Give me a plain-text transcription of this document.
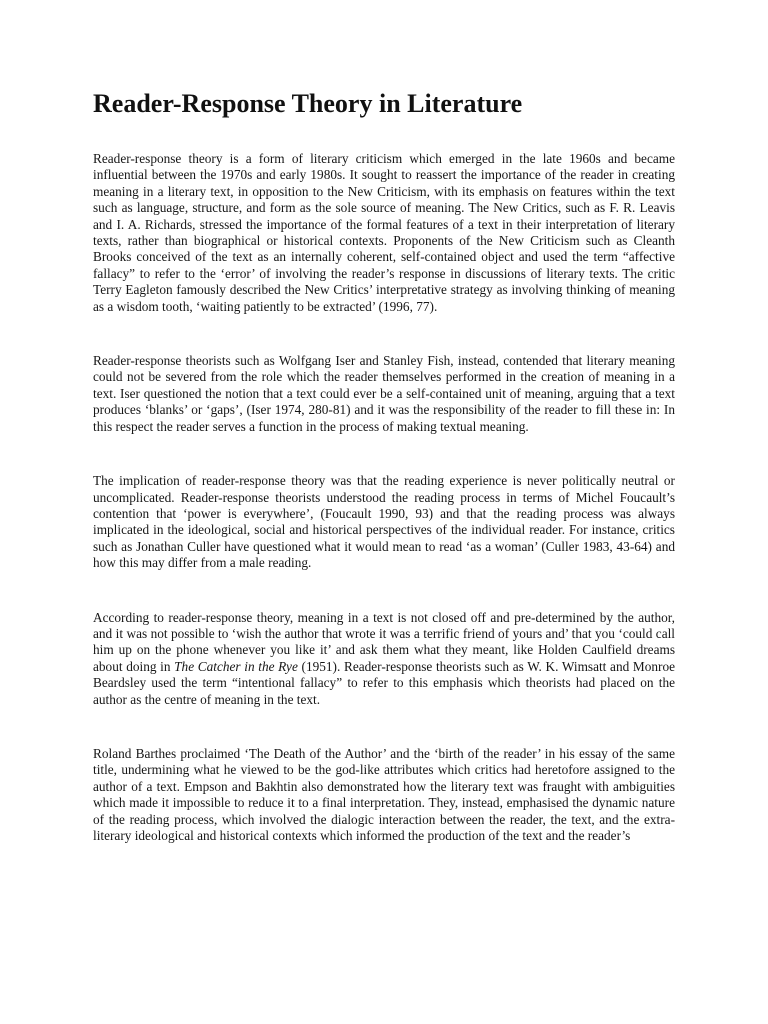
Reader-Response Theory in Literature

Reader-response theory is a form of literary criticism which emerged in the late 1960s and became influential between the 1970s and early 1980s. It sought to reassert the importance of the reader in creating meaning in a literary text, in opposition to the New Criticism, with its emphasis on features within the text such as language, structure, and form as the sole source of meaning. The New Critics, such as F. R. Leavis and I. A. Richards, stressed the importance of the formal features of a text in their interpretation of literary texts, rather than biographical or historical contexts. Proponents of the New Criticism such as Cleanth Brooks conceived of the text as an internally coherent, self-contained object and used the term “affective fallacy” to refer to the ‘error’ of involving the reader’s response in discussions of literary texts. The critic Terry Eagleton famously described the New Critics’ interpretative strategy as involving thinking of meaning as a wisdom tooth, ‘waiting patiently to be extracted’ (1996, 77).

Reader-response theorists such as Wolfgang Iser and Stanley Fish, instead, contended that literary meaning could not be severed from the role which the reader themselves performed in the creation of meaning in a text. Iser questioned the notion that a text could ever be a self-contained unit of meaning, arguing that a text produces ‘blanks’ or ‘gaps’, (Iser 1974, 280-81) and it was the responsibility of the reader to fill these in: In this respect the reader serves a function in the process of making textual meaning.

The implication of reader-response theory was that the reading experience is never politically neutral or uncomplicated. Reader-response theorists understood the reading process in terms of Michel Foucault’s contention that ‘power is everywhere’, (Foucault 1990, 93) and that the reading process was always implicated in the ideological, social and historical perspectives of the individual reader. For instance, critics such as Jonathan Culler have questioned what it would mean to read ‘as a woman’ (Culler 1983, 43-64) and how this may differ from a male reading.

According to reader-response theory, meaning in a text is not closed off and pre-determined by the author, and it was not possible to ‘wish the author that wrote it was a terrific friend of yours and’ that you ‘could call him up on the phone whenever you like it’ and ask them what they meant, like Holden Caulfield dreams about doing in The Catcher in the Rye (1951). Reader-response theorists such as W. K. Wimsatt and Monroe Beardsley used the term “intentional fallacy” to refer to this emphasis which theorists had placed on the author as the centre of meaning in the text.

Roland Barthes proclaimed ‘The Death of the Author’ and the ‘birth of the reader’ in his essay of the same title, undermining what he viewed to be the god-like attributes which critics had heretofore assigned to the author of a text. Empson and Bakhtin also demonstrated how the literary text was fraught with ambiguities which made it impossible to reduce it to a final interpretation. They, instead, emphasised the dynamic nature of the reading process, which involved the dialogic interaction between the reader, the text, and the extra-literary ideological and historical contexts which informed the production of the text and the reader’s
